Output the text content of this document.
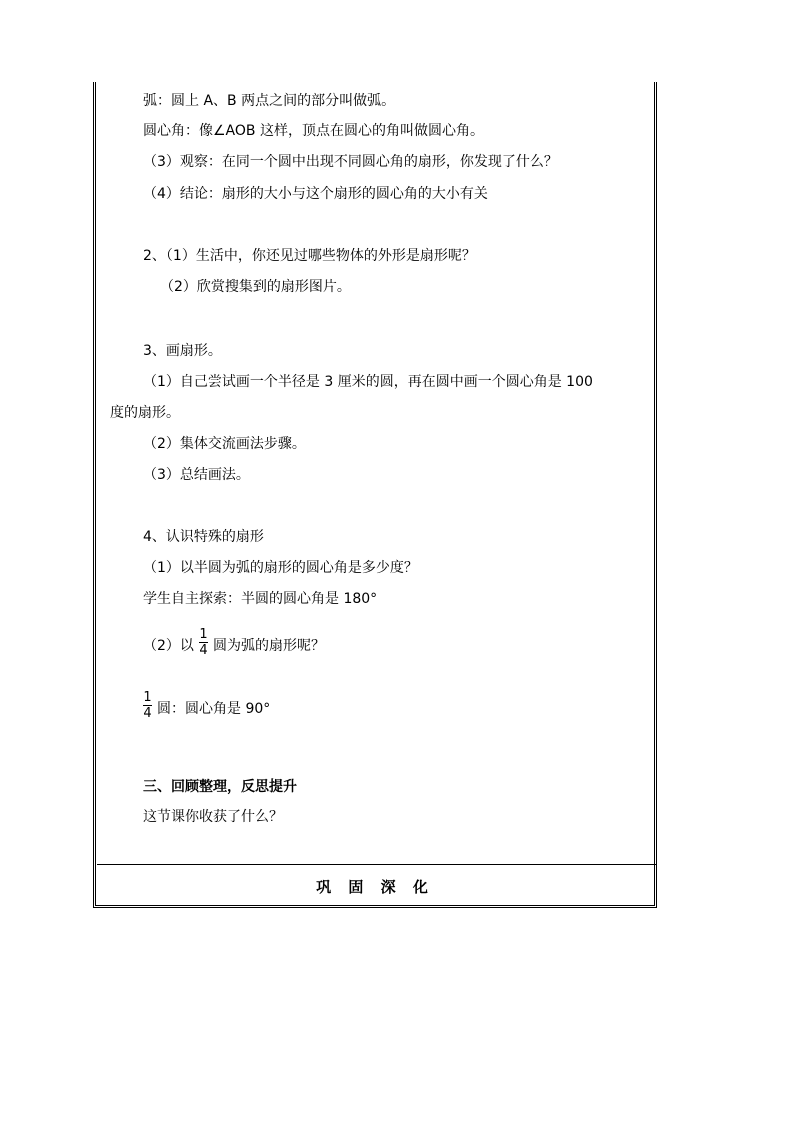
弧：圆上 A、B 两点之间的部分叫做弧。
圆心角：像∠AOB 这样，顶点在圆心的角叫做圆心角。
（3）观察：在同一个圆中出现不同圆心角的扇形，你发现了什么？
（4）结论：扇形的大小与这个扇形的圆心角的大小有关
2、（1）生活中，你还见过哪些物体的外形是扇形呢？
（2）欣赏搜集到的扇形图片。
3、画扇形。
（1）自己尝试画一个半径是 3 厘米的圆，再在圆中画一个圆心角是 100
度的扇形。
（2）集体交流画法步骤。
（3）总结画法。
4、认识特殊的扇形
（1）以半圆为弧的扇形的圆心角是多少度？
学生自主探索：半圆的圆心角是 180°
（2）以
1
4 圆为弧的扇形呢？
1
4 圆：圆心角是 90°
三、回顾整理，反思提升
这节课你收获了什么？
巩 固 深 化
